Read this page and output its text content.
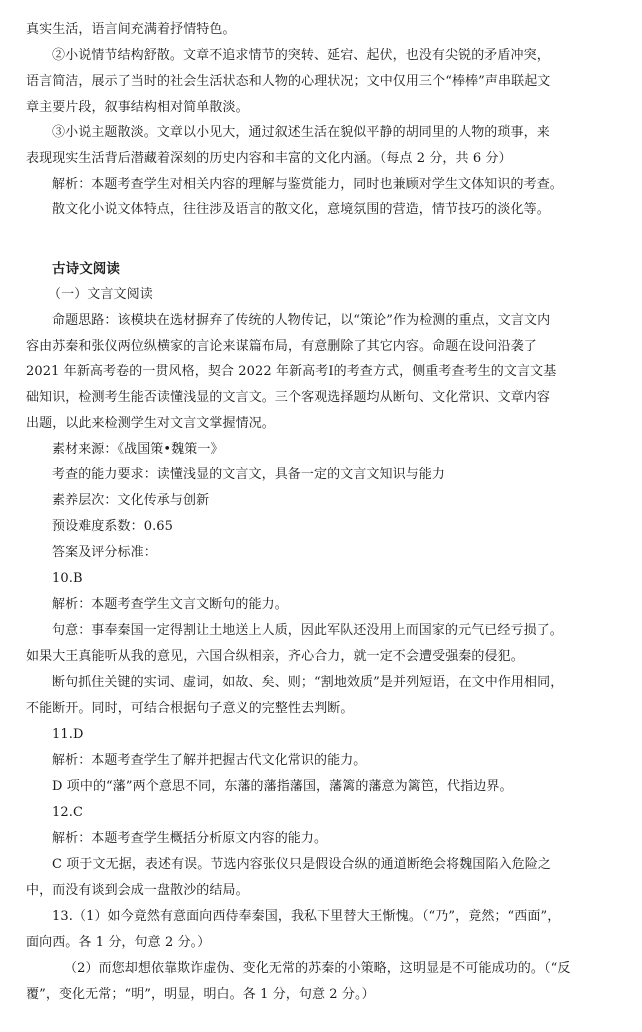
真实生活，语言间充满着抒情特色。
②小说情节结构舒散。文章不追求情节的突转、延宕、起伏，也没有尖锐的矛盾冲突，
语言简洁，展示了当时的社会生活状态和人物的心理状况；文中仅用三个“棒棒”声串联起文
章主要片段，叙事结构相对简单散淡。
③小说主题散淡。文章以小见大，通过叙述生活在貌似平静的胡同里的人物的琐事，来
表现现实生活背后潜藏着深刻的历史内容和丰富的文化内涵。（每点 2 分，共 6 分）
解析：本题考查学生对相关内容的理解与鉴赏能力，同时也兼顾对学生文体知识的考查。
散文化小说文体特点，往往涉及语言的散文化，意境氛围的营造，情节技巧的淡化等。
古诗文阅读
（一）文言文阅读
命题思路：该模块在选材摒弃了传统的人物传记，以“策论”作为检测的重点，文言文内
容由苏秦和张仪两位纵横家的言论来谋篇布局，有意删除了其它内容。命题在设问沿袭了
2021 年新高考卷的一贯风格，契合 2022 年新高考Ⅰ的考查方式，侧重考查考生的文言文基
础知识，检测考生能否读懂浅显的文言文。三个客观选择题均从断句、文化常识、文章内容
出题，以此来检测学生对文言文掌握情况。
素材来源：《战国策•魏策一》
考查的能力要求：读懂浅显的文言文，具备一定的文言文知识与能力
素养层次：文化传承与创新
预设难度系数：0.65
答案及评分标准：
10.B
解析：本题考查学生文言文断句的能力。
句意：事奉秦国一定得割让土地送上人质，因此军队还没用上而国家的元气已经亏损了。
如果大王真能听从我的意见，六国合纵相亲，齐心合力，就一定不会遭受强秦的侵犯。
断句抓住关键的实词、虚词，如故、矣、则；“割地效质”是并列短语，在文中作用相同，
不能断开。同时，可结合根据句子意义的完整性去判断。
11.D
解析：本题考查学生了解并把握古代文化常识的能力。
D 项中的“藩”两个意思不同，东藩的藩指藩国，藩篱的藩意为篱笆，代指边界。
12.C
解析：本题考查学生概括分析原文内容的能力。
C 项于文无据，表述有误。节选内容张仪只是假设合纵的通道断绝会将魏国陷入危险之
中，而没有谈到会成一盘散沙的结局。
13.（1）如今竟然有意面向西侍奉秦国，我私下里替大王惭愧。（“乃”，竟然；“西面”，
面向西。各 1 分，句意 2 分。）
（2）而您却想依靠欺诈虚伪、变化无常的苏秦的小策略，这明显是不可能成功的。（“反
覆”，变化无常；“明”，明显，明白。各 1 分，句意 2 分。）
